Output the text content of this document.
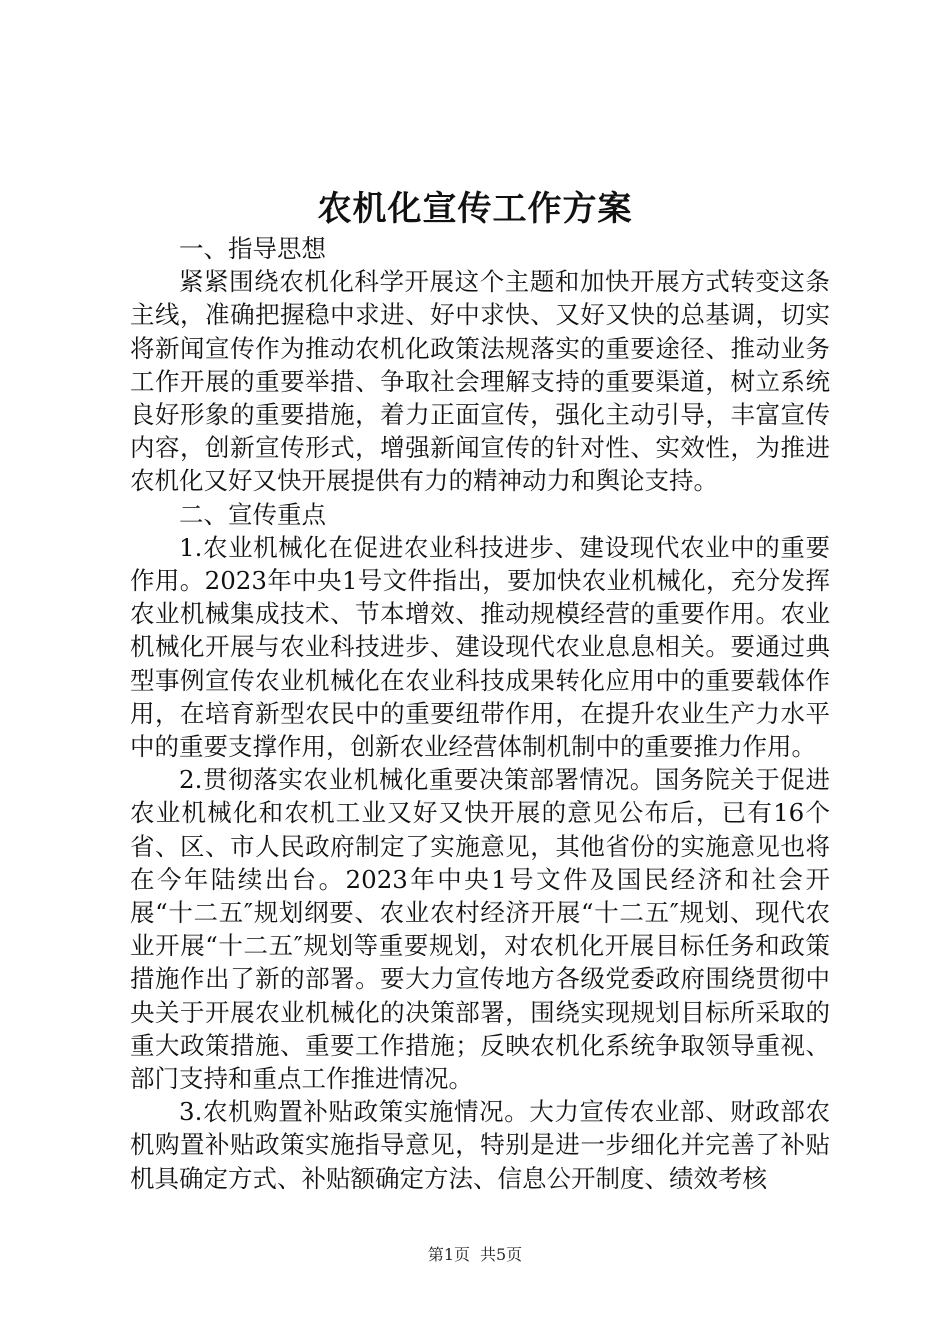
农机化宣传工作方案

一、指导思想

紧紧围绕农机化科学开展这个主题和加快开展方式转变这条主线，准确把握稳中求进、好中求快、又好又快的总基调，切实将新闻宣传作为推动农机化政策法规落实的重要途径、推动业务工作开展的重要举措、争取社会理解支持的重要渠道，树立系统良好形象的重要措施，着力正面宣传，强化主动引导，丰富宣传内容，创新宣传形式，增强新闻宣传的针对性、实效性，为推进农机化又好又快开展提供有力的精神动力和舆论支持。

二、宣传重点

1.农业机械化在促进农业科技进步、建设现代农业中的重要作用。2023年中央1号文件指出，要加快农业机械化，充分发挥农业机械集成技术、节本增效、推动规模经营的重要作用。农业机械化开展与农业科技进步、建设现代农业息息相关。要通过典型事例宣传农业机械化在农业科技成果转化应用中的重要载体作用，在培育新型农民中的重要纽带作用，在提升农业生产力水平中的重要支撑作用，创新农业经营体制机制中的重要推力作用。

2.贯彻落实农业机械化重要决策部署情况。国务院关于促进农业机械化和农机工业又好又快开展的意见公布后，已有16个省、区、市人民政府制定了实施意见，其他省份的实施意见也将在今年陆续出台。2023年中央1号文件及国民经济和社会开展“十二五″规划纲要、农业农村经济开展“十二五″规划、现代农业开展“十二五″规划等重要规划，对农机化开展目标任务和政策措施作出了新的部署。要大力宣传地方各级党委政府围绕贯彻中央关于开展农业机械化的决策部署，围绕实现规划目标所采取的重大政策措施、重要工作措施；反映农机化系统争取领导重视、部门支持和重点工作推进情况。

3.农机购置补贴政策实施情况。大力宣传农业部、财政部农机购置补贴政策实施指导意见，特别是进一步细化并完善了补贴机具确定方式、补贴额确定方法、信息公开制度、绩效考核

第1页 共5页
